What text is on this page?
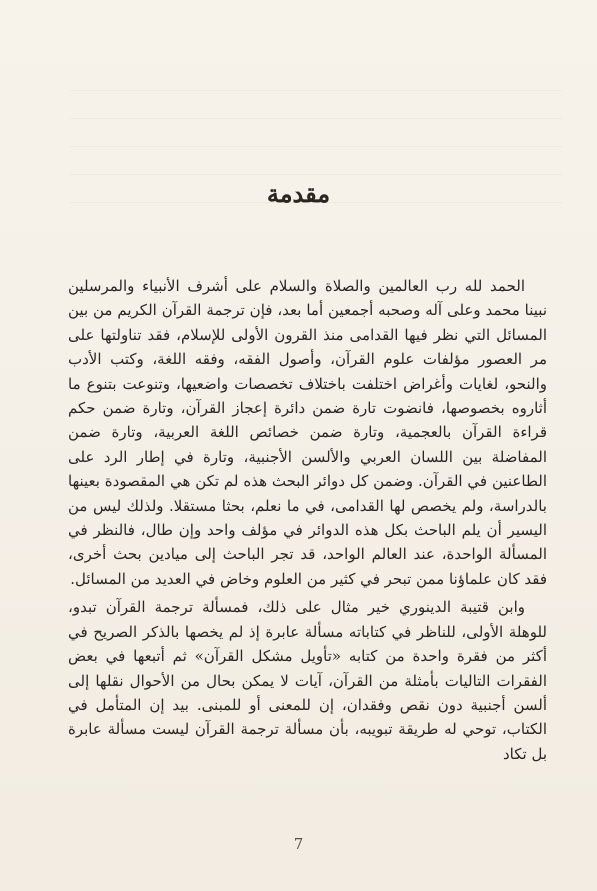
مقدمة

الحمد لله رب العالمين والصلاة والسلام على أشرف الأنبياء والمرسلين نبينا محمد وعلى آله وصحبه أجمعين أما بعد، فإن ترجمة القرآن الكريم من بين المسائل التي نظر فيها القدامى منذ القرون الأولى للإسلام، فقد تناولتها على مر العصور مؤلفات علوم القرآن، وأصول الفقه، وفقه اللغة، وكتب الأدب والنحو، لغايات وأغراض اختلفت باختلاف تخصصات واضعيها، وتنوعت بتنوع ما أثاروه بخصوصها، فانضوت تارة ضمن دائرة إعجاز القرآن، وتارة ضمن حكم قراءة القرآن بالعجمية، وتارة ضمن خصائص اللغة العربية، وتارة ضمن المفاضلة بين اللسان العربي والألسن الأجنبية، وتارة في إطار الرد على الطاعنين في القرآن. وضمن كل دوائر البحث هذه لم تكن هي المقصودة بعينها بالدراسة، ولم يخصص لها القدامى، في ما نعلم، بحثا مستقلا. ولذلك ليس من اليسير أن يلم الباحث بكل هذه الدوائر في مؤلف واحد وإن طال، فالنظر في المسألة الواحدة، عند العالم الواحد، قد تجر الباحث إلى ميادين بحث أخرى، فقد كان علماؤنا ممن تبحر في كثير من العلوم وخاض في العديد من المسائل.

وابن قتيبة الدينوري خير مثال على ذلك، فمسألة ترجمة القرآن تبدو، للوهلة الأولى، للناظر في كتاباته مسألة عابرة إذ لم يخصها بالذكر الصريح في أكثر من فقرة واحدة من كتابه «تأويل مشكل القرآن» ثم أتبعها في بعض الفقرات التاليات بأمثلة من القرآن، آيات لا يمكن بحال من الأحوال نقلها إلى ألسن أجنبية دون نقص وفقدان، إن للمعنى أو للمبنى. بيد إن المتأمل في الكتاب، توحي له طريقة تبويبه، بأن مسألة ترجمة القرآن ليست مسألة عابرة بل تكاد

7
